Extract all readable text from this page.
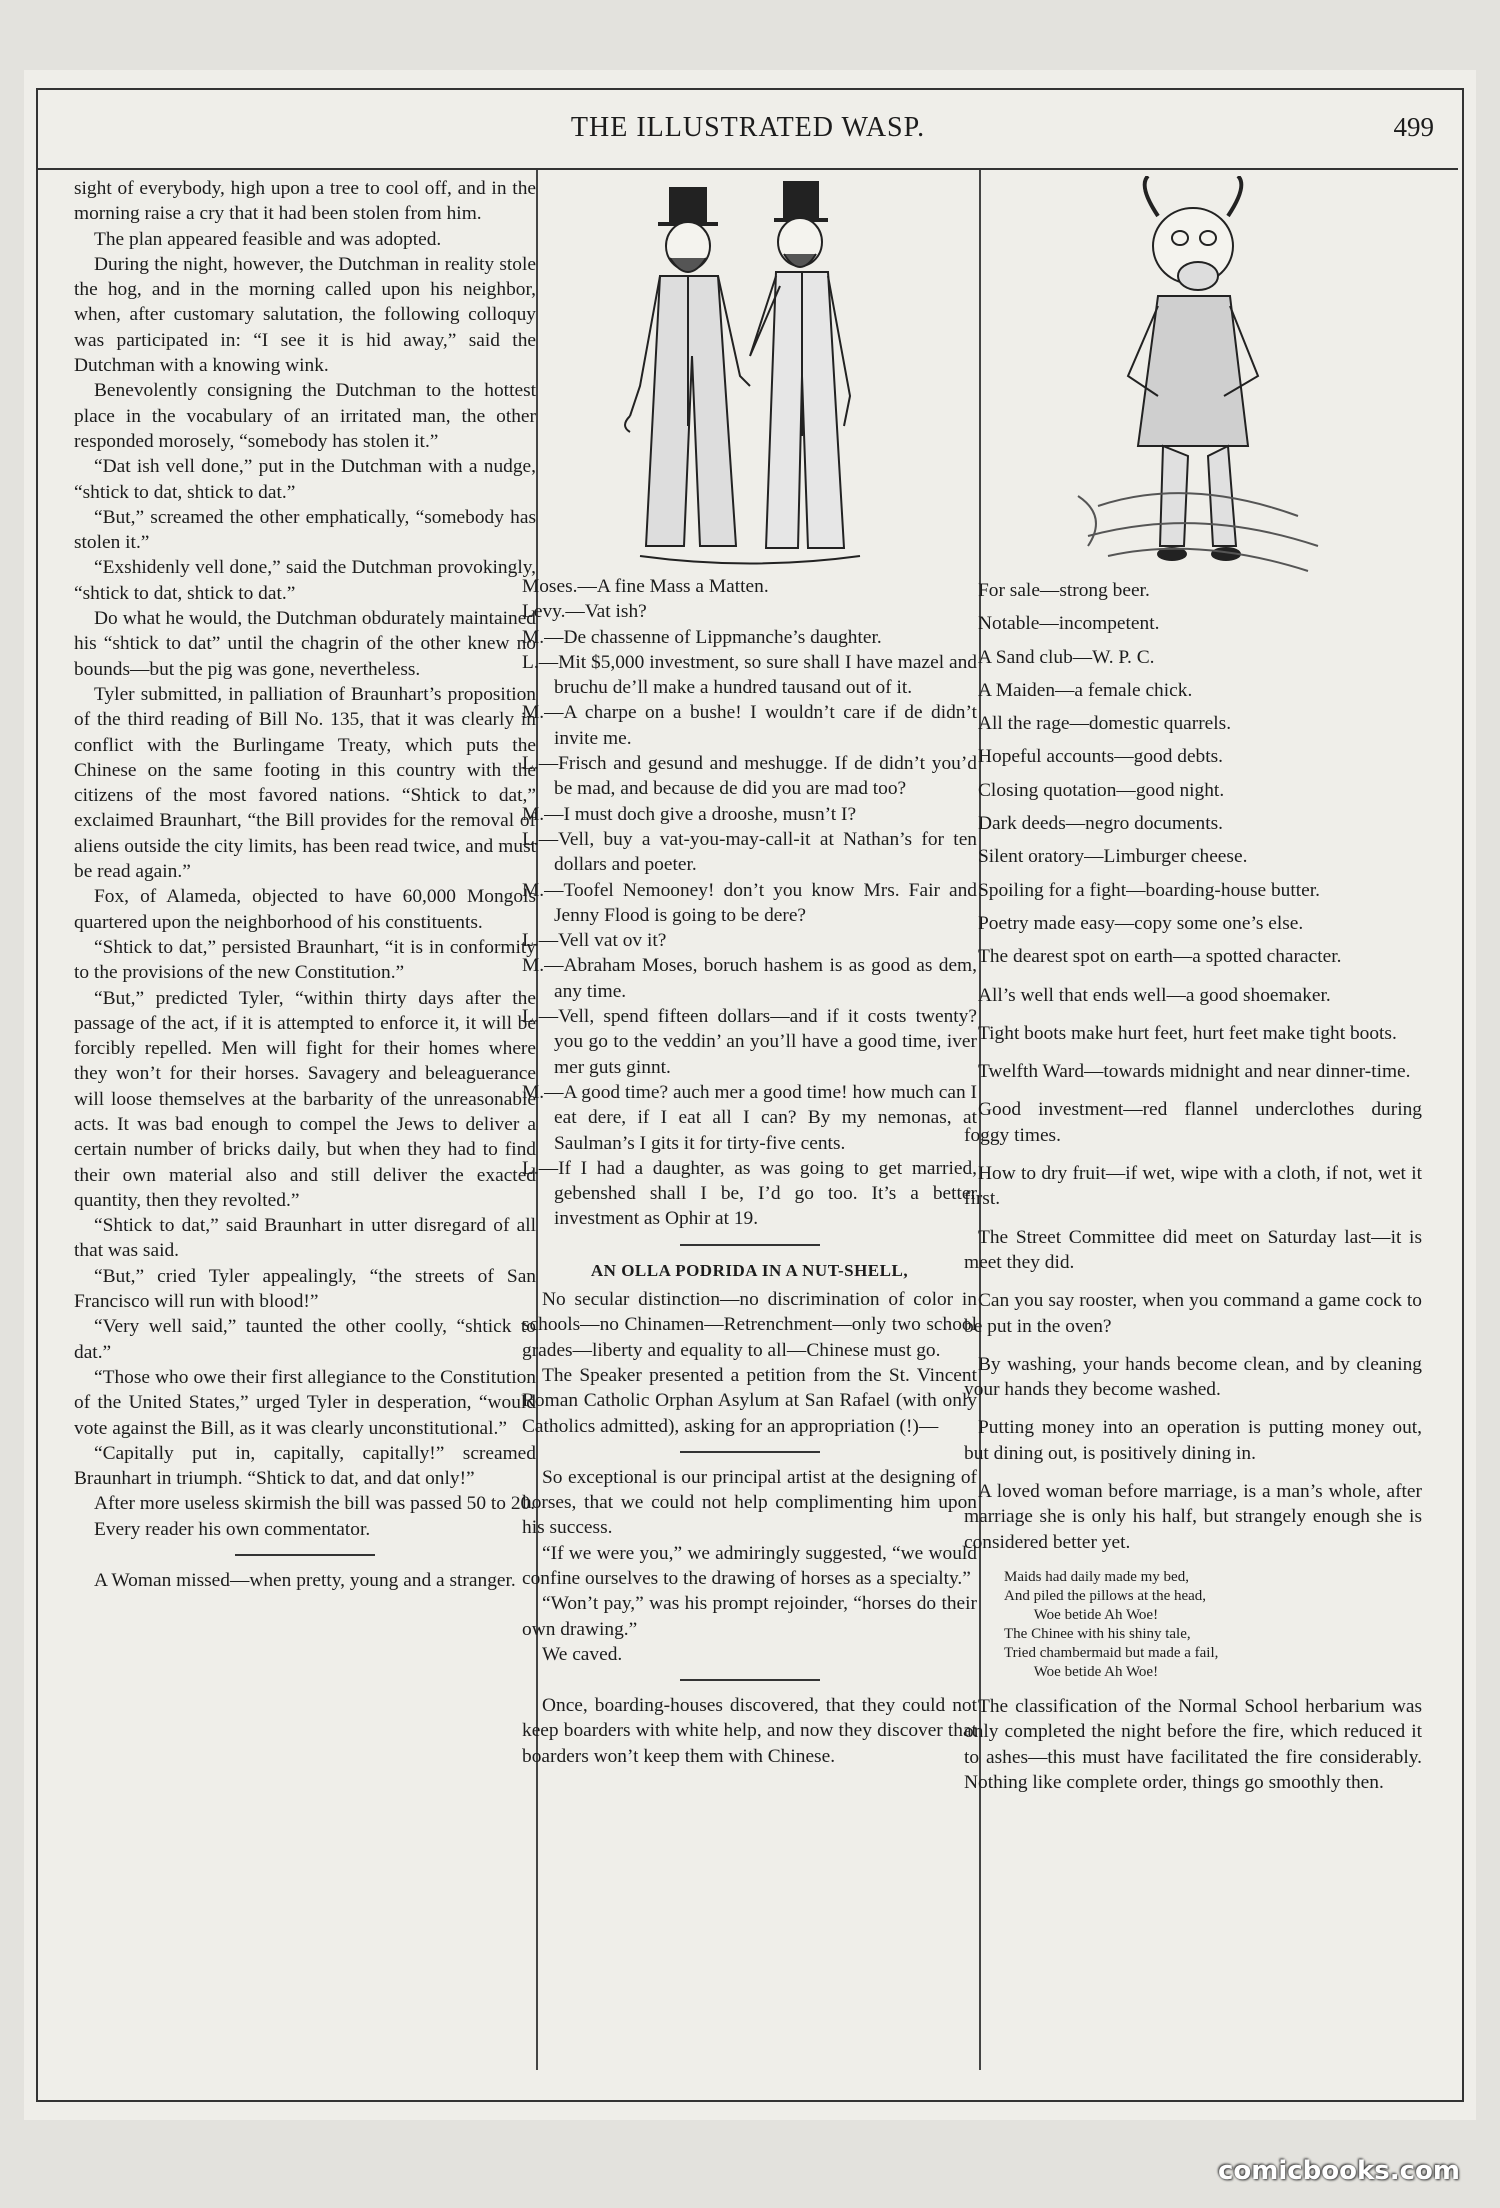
THE ILLUSTRATED WASP.	499

sight of everybody, high upon a tree to cool off, and in the morning raise a cry that it had been stolen from him.

The plan appeared feasible and was adopted.

During the night, however, the Dutchman in reality stole the hog, and in the morning called upon his neighbor, when, after customary salutation, the following colloquy was participated in: “I see it is hid away,” said the Dutchman with a knowing wink.

Benevolently consigning the Dutchman to the hottest place in the vocabulary of an irritated man, the other responded morosely, “somebody has stolen it.”

“Dat ish vell done,” put in the Dutchman with a nudge, “shtick to dat, shtick to dat.”

“But,” screamed the other emphatically, “somebody has stolen it.”

“Exshidenly vell done,” said the Dutchman provokingly, “shtick to dat, shtick to dat.”

Do what he would, the Dutchman obdurately maintained his “shtick to dat” until the chagrin of the other knew no bounds—but the pig was gone, nevertheless.

Tyler submitted, in palliation of Braunhart’s proposition of the third reading of Bill No. 135, that it was clearly in conflict with the Burlingame Treaty, which puts the Chinese on the same footing in this country with the citizens of the most favored nations. “Shtick to dat,” exclaimed Braunhart, “the Bill provides for the removal of aliens outside the city limits, has been read twice, and must be read again.”

Fox, of Alameda, objected to have 60,000 Mongols quartered upon the neighborhood of his constituents.

“Shtick to dat,” persisted Braunhart, “it is in conformity to the provisions of the new Constitution.”

“But,” predicted Tyler, “within thirty days after the passage of the act, if it is attempted to enforce it, it will be forcibly repelled. Men will fight for their homes where they won’t for their horses. Savagery and beleaguerance will loose themselves at the barbarity of the unreasonable acts. It was bad enough to compel the Jews to deliver a certain number of bricks daily, but when they had to find their own material also and still deliver the exacted quantity, then they revolted.”

“Shtick to dat,” said Braunhart in utter disregard of all that was said.

“But,” cried Tyler appealingly, “the streets of San Francisco will run with blood!”

“Very well said,” taunted the other coolly, “shtick to dat.”

“Those who owe their first allegiance to the Constitution of the United States,” urged Tyler in desperation, “would vote against the Bill, as it was clearly unconstitutional.”

“Capitally put in, capitally, capitally!” screamed Braunhart in triumph. “Shtick to dat, and dat only!”

After more useless skirmish the bill was passed 50 to 20.

Every reader his own commentator.

A Woman missed—when pretty, young and a stranger.

Moses.—A fine Mass a Matten.

Levy.—Vat ish?

M.—De chassenne of Lippmanche’s daughter.

L.—Mit $5,000 investment, so sure shall I have mazel and bruchu de’ll make a hundred tausand out of it.

M.—A charpe on a bushe! I wouldn’t care if de didn’t invite me.

L.—Frisch and gesund and meshugge. If de didn’t you’d be mad, and because de did you are mad too?

M.—I must doch give a drooshe, musn’t I?

L.—Vell, buy a vat-you-may-call-it at Nathan’s for ten dollars and poeter.

M.—Toofel Nemooney! don’t you know Mrs. Fair and Jenny Flood is going to be dere?

L.—Vell vat ov it?

M.—Abraham Moses, boruch hashem is as good as dem, any time.

L.—Vell, spend fifteen dollars—and if it costs twenty? you go to the veddin’ an you’ll have a good time, iver mer guts ginnt.

M.—A good time? auch mer a good time! how much can I eat dere, if I eat all I can? By my nemonas, at Saulman’s I gits it for tirty-five cents.

L.—If I had a daughter, as was going to get married, gebenshed shall I be, I’d go too. It’s a better investment as Ophir at 19.

AN OLLA PODRIDA IN A NUT-SHELL,

No secular distinction—no discrimination of color in schools—no Chinamen—Retrenchment—only two school grades—liberty and equality to all—Chinese must go.

The Speaker presented a petition from the St. Vincent Roman Catholic Orphan Asylum at San Rafael (with only Catholics admitted), asking for an appropriation (!)—

So exceptional is our principal artist at the designing of horses, that we could not help complimenting him upon his success.

“If we were you,” we admiringly suggested, “we would confine ourselves to the drawing of horses as a specialty.”

“Won’t pay,” was his prompt rejoinder, “horses do their own drawing.”

We caved.

Once, boarding-houses discovered, that they could not keep boarders with white help, and now they discover that boarders won’t keep them with Chinese.

For sale—strong beer.

Notable—incompetent.

A Sand club—W. P. C.

A Maiden—a female chick.

All the rage—domestic quarrels.

Hopeful accounts—good debts.

Closing quotation—good night.

Dark deeds—negro documents.

Silent oratory—Limburger cheese.

Spoiling for a fight—boarding-house butter.

Poetry made easy—copy some one’s else.

The dearest spot on earth—a spotted character.

All’s well that ends well—a good shoemaker.

Tight boots make hurt feet, hurt feet make tight boots.

Twelfth Ward—towards midnight and near dinner-time.

Good investment—red flannel underclothes during foggy times.

How to dry fruit—if wet, wipe with a cloth, if not, wet it first.

The Street Committee did meet on Saturday last—it is meet they did.

Can you say rooster, when you command a game cock to be put in the oven?

By washing, your hands become clean, and by cleaning your hands they become washed.

Putting money into an operation is putting money out, but dining out, is positively dining in.

A loved woman before marriage, is a man’s whole, after marriage she is only his half, but strangely enough she is considered better yet.

Maids had daily made my bed,
And piled the pillows at the head,
Woe betide Ah Woe!
The Chinee with his shiny tale,
Tried chambermaid but made a fail,
Woe betide Ah Woe!

The classification of the Normal School herbarium was only completed the night before the fire, which reduced it to ashes—this must have facilitated the fire considerably. Nothing like complete order, things go smoothly then.

comicbooks.com
